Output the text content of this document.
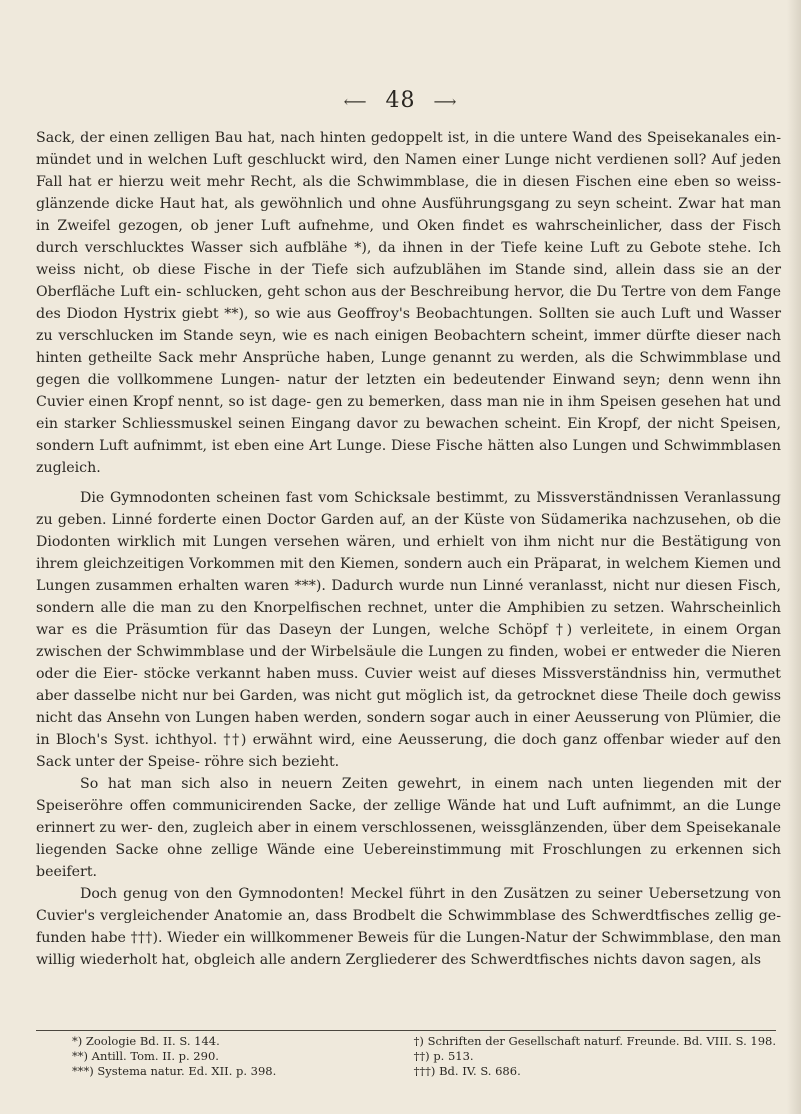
⟵ 48 ⟶

Sack, der einen zelligen Bau hat, nach hinten gedoppelt ist, in die untere Wand des Speisekanales ein- mündet und in welchen Luft geschluckt wird, den Namen einer Lunge nicht verdienen soll? Auf jeden Fall hat er hierzu weit mehr Recht, als die Schwimmblase, die in diesen Fischen eine eben so weiss- glänzende dicke Haut hat, als gewöhnlich und ohne Ausführungsgang zu seyn scheint. Zwar hat man in Zweifel gezogen, ob jener Luft aufnehme, und Oken findet es wahrscheinlicher, dass der Fisch durch verschlucktes Wasser sich aufblähe *), da ihnen in der Tiefe keine Luft zu Gebote stehe. Ich weiss nicht, ob diese Fische in der Tiefe sich aufzublähen im Stande sind, allein dass sie an der Oberfläche Luft ein- schlucken, geht schon aus der Beschreibung hervor, die Du Tertre von dem Fange des Diodon Hystrix giebt **), so wie aus Geoffroy's Beobachtungen. Sollten sie auch Luft und Wasser zu verschlucken im Stande seyn, wie es nach einigen Beobachtern scheint, immer dürfte dieser nach hinten getheilte Sack mehr Ansprüche haben, Lunge genannt zu werden, als die Schwimmblase und gegen die vollkommene Lungen- natur der letzten ein bedeutender Einwand seyn; denn wenn ihn Cuvier einen Kropf nennt, so ist dage- gen zu bemerken, dass man nie in ihm Speisen gesehen hat und ein starker Schliessmuskel seinen Eingang davor zu bewachen scheint. Ein Kropf, der nicht Speisen, sondern Luft aufnimmt, ist eben eine Art Lunge. Diese Fische hätten also Lungen und Schwimmblasen zugleich.

Die Gymnodonten scheinen fast vom Schicksale bestimmt, zu Missverständnissen Veranlassung zu geben. Linné forderte einen Doctor Garden auf, an der Küste von Südamerika nachzusehen, ob die Diodonten wirklich mit Lungen versehen wären, und erhielt von ihm nicht nur die Bestätigung von ihrem gleichzeitigen Vorkommen mit den Kiemen, sondern auch ein Präparat, in welchem Kiemen und Lungen zusammen erhalten waren ***). Dadurch wurde nun Linné veranlasst, nicht nur diesen Fisch, sondern alle die man zu den Knorpelfischen rechnet, unter die Amphibien zu setzen. Wahrscheinlich war es die Präsumtion für das Daseyn der Lungen, welche Schöpf †) verleitete, in einem Organ zwischen der Schwimmblase und der Wirbelsäule die Lungen zu finden, wobei er entweder die Nieren oder die Eier- stöcke verkannt haben muss. Cuvier weist auf dieses Missverständniss hin, vermuthet aber dasselbe nicht nur bei Garden, was nicht gut möglich ist, da getrocknet diese Theile doch gewiss nicht das Ansehn von Lungen haben werden, sondern sogar auch in einer Aeusserung von Plümier, die in Bloch's Syst. ichthyol. ††) erwähnt wird, eine Aeusserung, die doch ganz offenbar wieder auf den Sack unter der Speise- röhre sich bezieht.

So hat man sich also in neuern Zeiten gewehrt, in einem nach unten liegenden mit der Speiseröhre offen communicirenden Sacke, der zellige Wände hat und Luft aufnimmt, an die Lunge erinnert zu wer- den, zugleich aber in einem verschlossenen, weissglänzenden, über dem Speisekanale liegenden Sacke ohne zellige Wände eine Uebereinstimmung mit Froschlungen zu erkennen sich beeifert.

Doch genug von den Gymnodonten! Meckel führt in den Zusätzen zu seiner Uebersetzung von Cuvier's vergleichender Anatomie an, dass Brodbelt die Schwimmblase des Schwerdtfisches zellig ge- funden habe †††). Wieder ein willkommener Beweis für die Lungen-Natur der Schwimmblase, den man willig wiederholt hat, obgleich alle andern Zergliederer des Schwerdtfisches nichts davon sagen, als

*) Zoologie Bd. II. S. 144.
**) Antill. Tom. II. p. 290.
***) Systema natur. Ed. XII. p. 398.
†) Schriften der Gesellschaft naturf. Freunde. Bd. VIII. S. 198.
††) p. 513.
†††) Bd. IV. S. 686.
